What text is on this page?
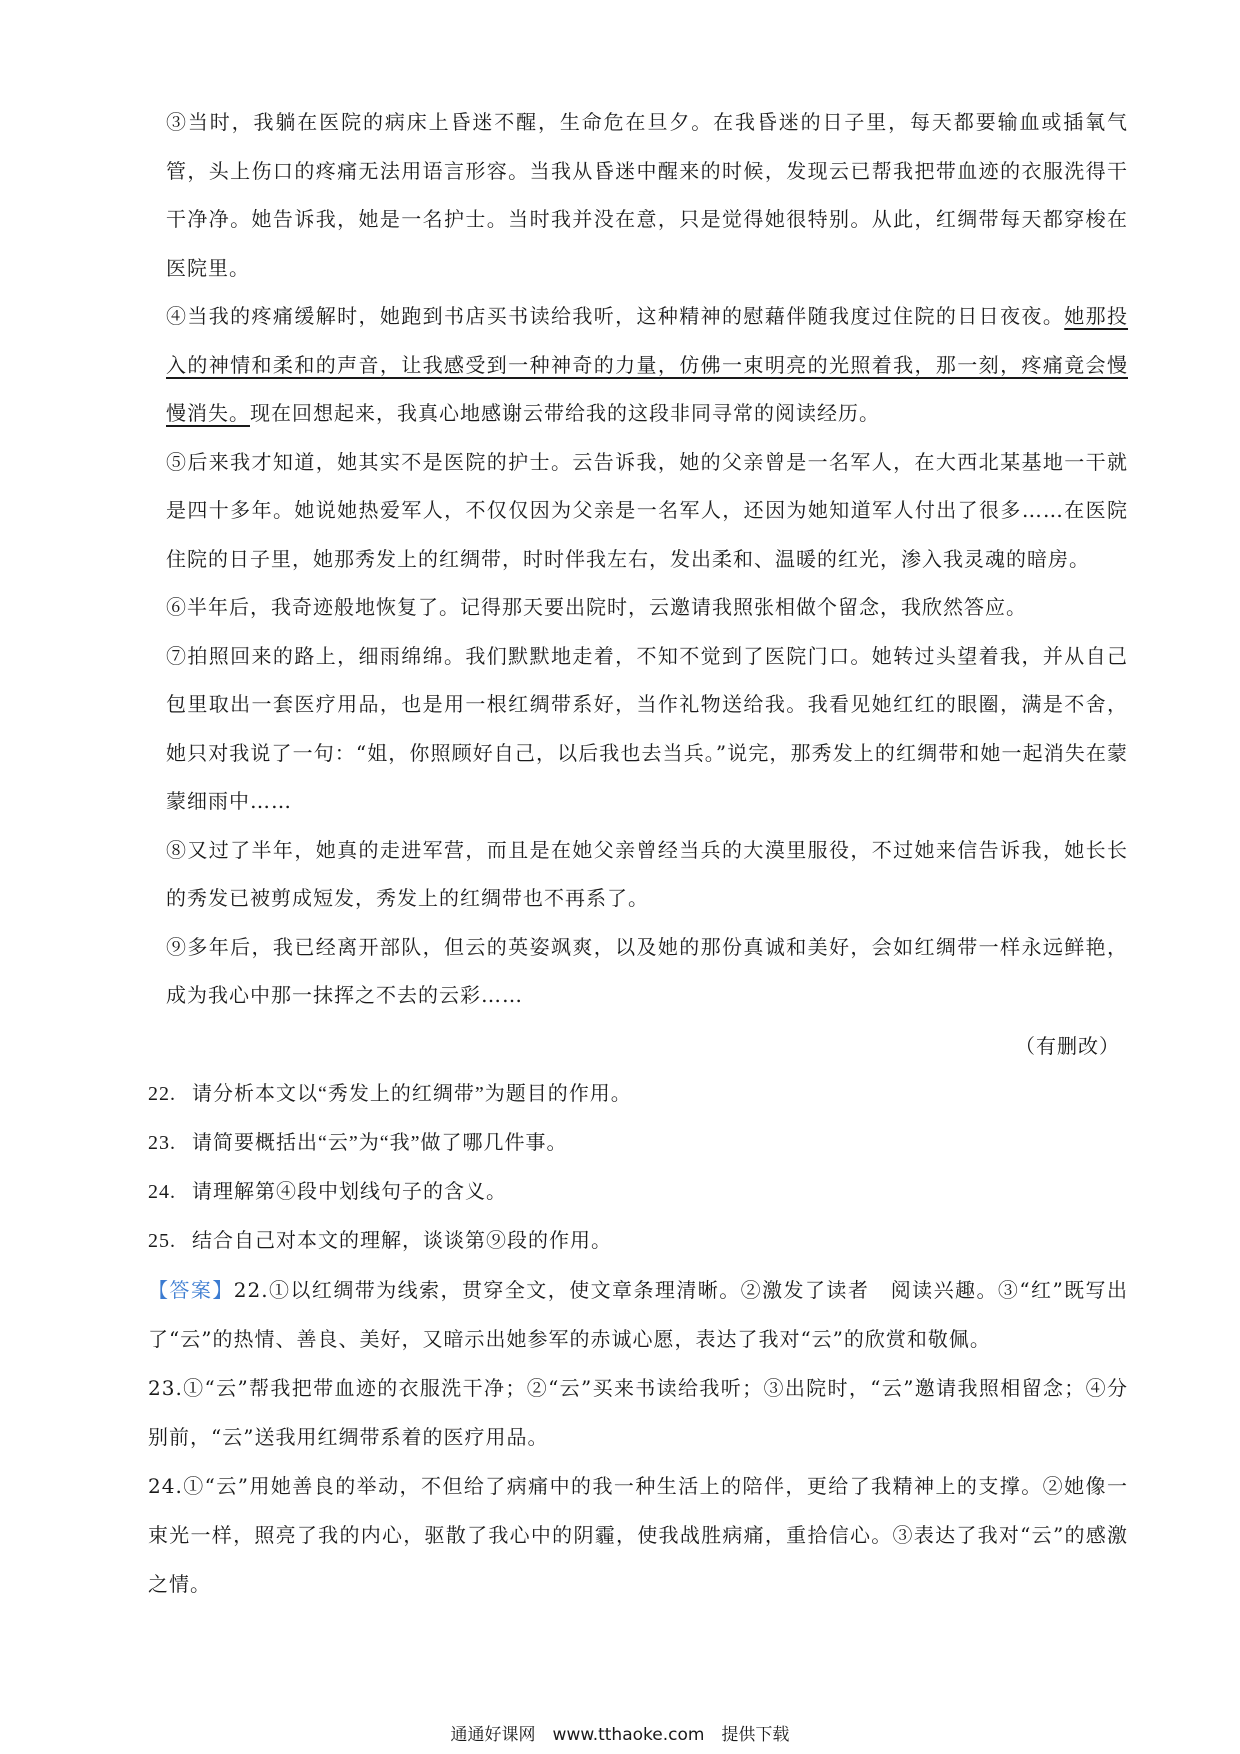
③当时，我躺在医院的病床上昏迷不醒，生命危在旦夕。在我昏迷的日子里，每天都要输血或插氧气管，头上伤口的疼痛无法用语言形容。当我从昏迷中醒来的时候，发现云已帮我把带血迹的衣服洗得干干净净。她告诉我，她是一名护士。当时我并没在意，只是觉得她很特别。从此，红绸带每天都穿梭在医院里。

④当我的疼痛缓解时，她跑到书店买书读给我听，这种精神的慰藉伴随我度过住院的日日夜夜。她那投入的神情和柔和的声音，让我感受到一种神奇的力量，仿佛一束明亮的光照着我，那一刻，疼痛竟会慢慢消失。现在回想起来，我真心地感谢云带给我的这段非同寻常的阅读经历。

⑤后来我才知道，她其实不是医院的护士。云告诉我，她的父亲曾是一名军人，在大西北某基地一干就是四十多年。她说她热爱军人，不仅仅因为父亲是一名军人，还因为她知道军人付出了很多……在医院住院的日子里，她那秀发上的红绸带，时时伴我左右，发出柔和、温暖的红光，渗入我灵魂的暗房。

⑥半年后，我奇迹般地恢复了。记得那天要出院时，云邀请我照张相做个留念，我欣然答应。

⑦拍照回来的路上，细雨绵绵。我们默默地走着，不知不觉到了医院门口。她转过头望着我，并从自己包里取出一套医疗用品，也是用一根红绸带系好，当作礼物送给我。我看见她红红的眼圈，满是不舍，她只对我说了一句：“姐，你照顾好自己，以后我也去当兵。”说完，那秀发上的红绸带和她一起消失在蒙蒙细雨中……

⑧又过了半年，她真的走进军营，而且是在她父亲曾经当兵的大漠里服役，不过她来信告诉我，她长长的秀发已被剪成短发，秀发上的红绸带也不再系了。

⑨多年后，我已经离开部队，但云的英姿飒爽，以及她的那份真诚和美好，会如红绸带一样永远鲜艳，成为我心中那一抹挥之不去的云彩……

（有删改）

22. 请分析本文以“秀发上的红绸带”为题目的作用。

23. 请简要概括出“云”为“我”做了哪几件事。

24. 请理解第④段中划线句子的含义。

25. 结合自己对本文的理解，谈谈第⑨段的作用。

【答案】22.①以红绸带为线索，贯穿全文，使文章条理清晰。②激发了读者　阅读兴趣。③“红”既写出了“云”的热情、善良、美好，又暗示出她参军的赤诚心愿，表达了我对“云”的欣赏和敬佩。

23.①“云”帮我把带血迹的衣服洗干净；②“云”买来书读给我听；③出院时，“云”邀请我照相留念；④分别前，“云”送我用红绸带系着的医疗用品。

24.①“云”用她善良的举动，不但给了病痛中的我一种生活上的陪伴，更给了我精神上的支撑。②她像一束光一样，照亮了我的内心，驱散了我心中的阴霾，使我战胜病痛，重拾信心。③表达了我对“云”的感激之情。

通通好课网　www.tthaoke.com　提供下载
